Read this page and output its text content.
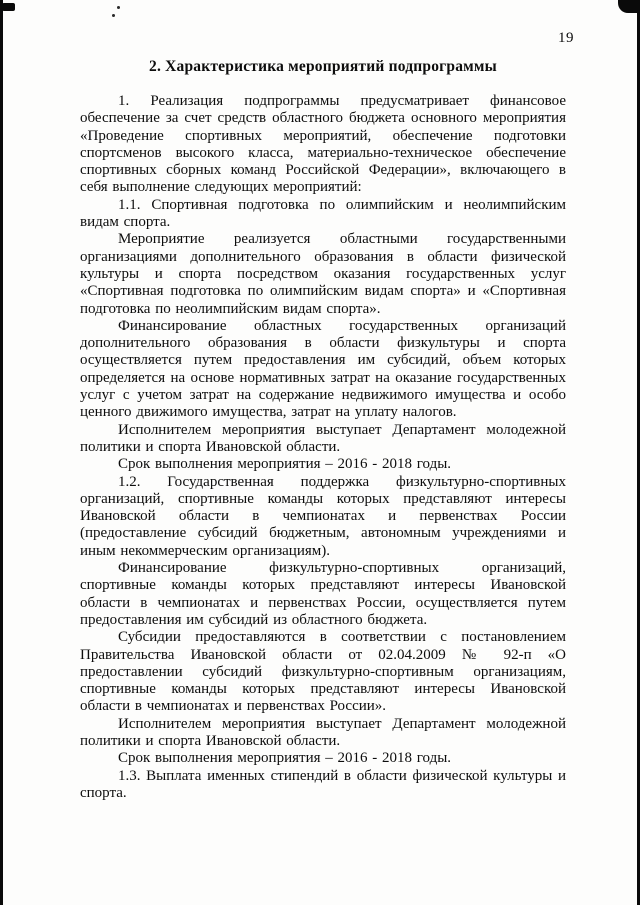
19
2. Характеристика мероприятий подпрограммы

1. Реализация подпрограммы предусматривает финансовое обеспечение за счет средств областного бюджета основного мероприятия «Проведение спортивных мероприятий, обеспечение подготовки спортсменов высокого класса, материально-техническое обеспечение спортивных сборных команд Российской Федерации», включающего в себя выполнение следующих мероприятий:

1.1. Спортивная подготовка по олимпийским и неолимпийским видам спорта.

Мероприятие реализуется областными государственными организациями дополнительного образования в области физической культуры и спорта посредством оказания государственных услуг «Спортивная подготовка по олимпийским видам спорта» и «Спортивная подготовка по неолимпийским видам спорта».

Финансирование областных государственных организаций дополнительного образования в области физкультуры и спорта осуществляется путем предоставления им субсидий, объем которых определяется на основе нормативных затрат на оказание государственных услуг с учетом затрат на содержание недвижимого имущества и особо ценного движимого имущества, затрат на уплату налогов.

Исполнителем мероприятия выступает Департамент молодежной политики и спорта Ивановской области.

Срок выполнения мероприятия – 2016 - 2018 годы.

1.2. Государственная поддержка физкультурно-спортивных организаций, спортивные команды которых представляют интересы Ивановской области в чемпионатах и первенствах России (предоставление субсидий бюджетным, автономным учреждениями и иным некоммерческим организациям).

Финансирование физкультурно-спортивных организаций, спортивные команды которых представляют интересы Ивановской области в чемпионатах и первенствах России, осуществляется путем предоставления им субсидий из областного бюджета.

Субсидии предоставляются в соответствии с постановлением Правительства Ивановской области от 02.04.2009 № 92-п «О предоставлении субсидий физкультурно-спортивным организациям, спортивные команды которых представляют интересы Ивановской области в чемпионатах и первенствах России».

Исполнителем мероприятия выступает Департамент молодежной политики и спорта Ивановской области.

Срок выполнения мероприятия – 2016 - 2018 годы.

1.3. Выплата именных стипендий в области физической культуры и спорта.
